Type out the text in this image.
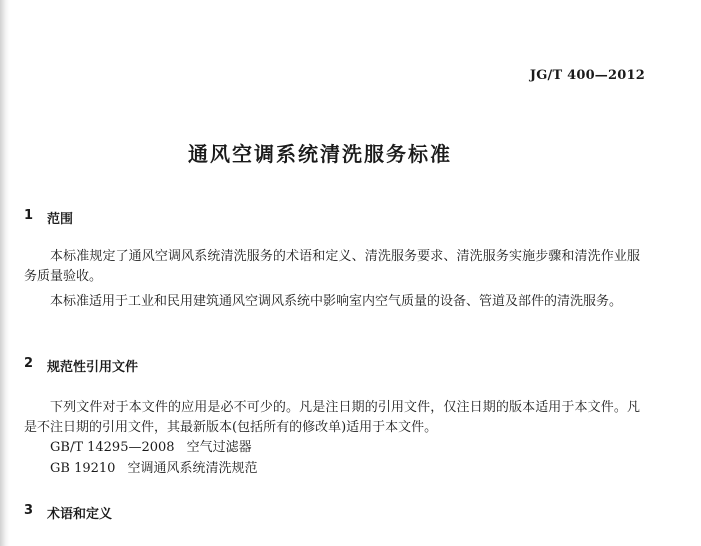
JG/T 400—2012
通风空调系统清洗服务标准
1 范围

本标准规定了通风空调风系统清洗服务的术语和定义、清洗服务要求、清洗服务实施步骤和清洗作业服务质量验收。

本标准适用于工业和民用建筑通风空调风系统中影响室内空气质量的设备、管道及部件的清洗服务。

2 规范性引用文件

下列文件对于本文件的应用是必不可少的。凡是注日期的引用文件，仅注日期的版本适用于本文件。凡是不注日期的引用文件，其最新版本(包括所有的修改单)适用于本文件。

GB/T 14295—2008 空气过滤器
GB 19210 空调通风系统清洗规范
3 术语和定义
